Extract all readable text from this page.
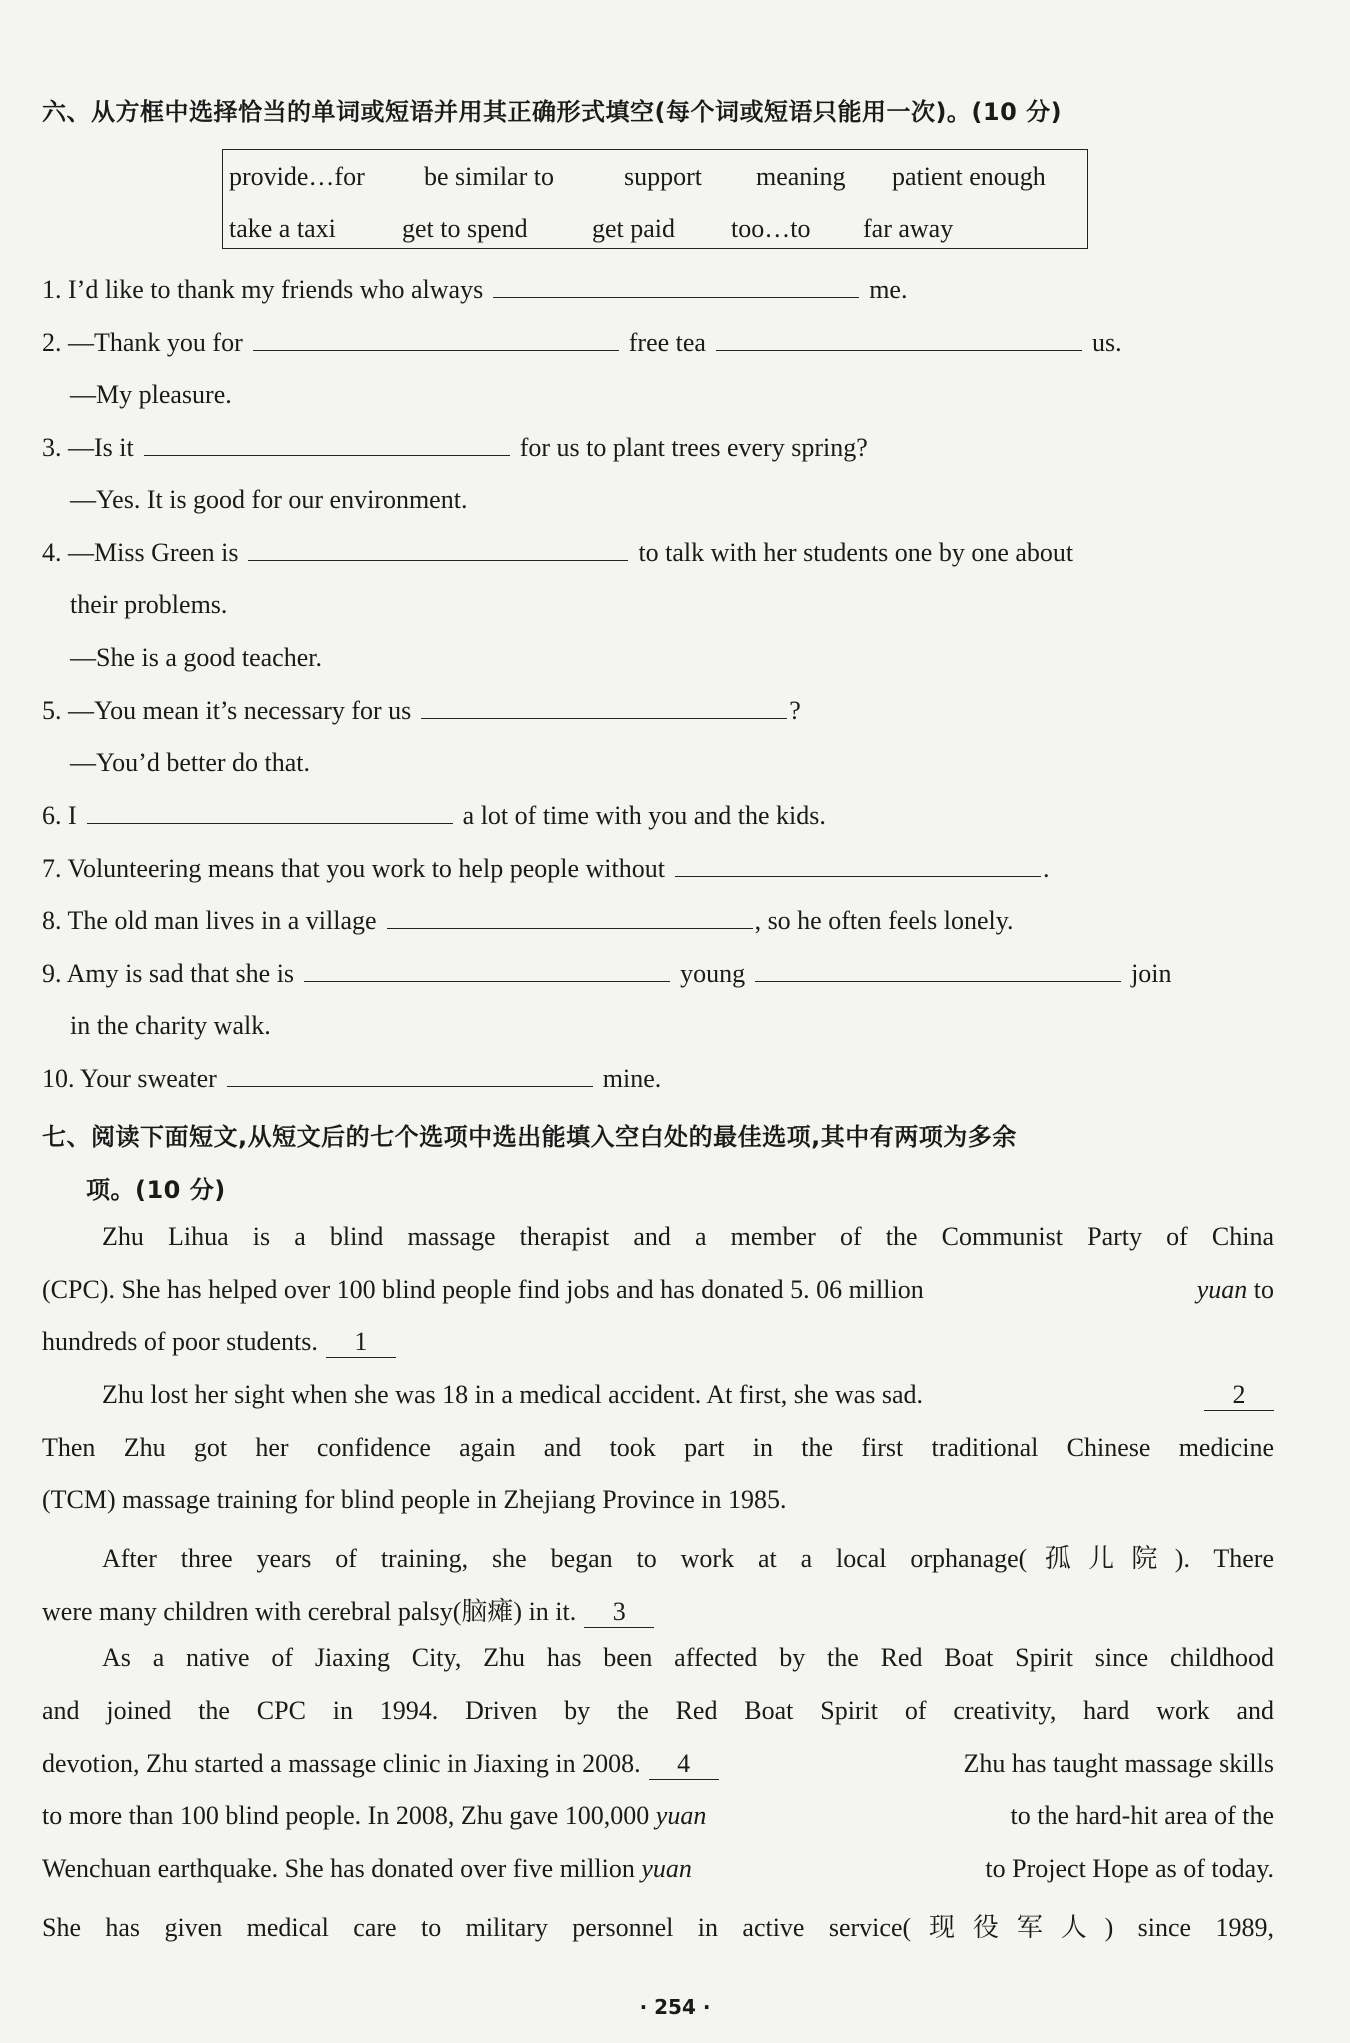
六、从方框中选择恰当的单词或短语并用其正确形式填空(每个词或短语只能用一次)。(10 分)
provide…for be similar to	support meaning patient enough
take a taxi	get to spend get paid too…to far away
1. I’d like to thank my friends who always	me.
2. —Thank you for	free tea	us.
—My pleasure.
3. —Is it	for us to plant trees every spring?
—Yes. It is good for our environment.
4. —Miss Green is	to talk with her students one by one about
their problems.
—She is a good teacher.
5. —You mean it’s necessary for us	?
—You’d better do that.
6. I	a lot of time with you and the kids.
7. Volunteering means that you work to help people without	.
8. The old man lives in a village	, so he often feels lonely.
9. Amy is sad that she is	young	join
in the charity walk.
10. Your sweater	mine.
七、阅读下面短文,从短文后的七个选项中选出能填入空白处的最佳选项,其中有两项为多余
项。(10 分)
Zhu Lihua is a blind massage therapist and a member of the Communist Party of China
(CPC). She has helped over 100 blind people find jobs and has donated 5. 06 million	yuan to
hundreds of poor students. 1
Zhu lost her sight when she was 18 in a medical accident. At first, she was sad.	2
Then Zhu got her confidence again and took part in the first traditional Chinese medicine
(TCM) massage training for blind people in Zhejiang Province in 1985.
After three years of training, she began to work at a local orphanage(孤儿院). There
were many children with cerebral palsy(脑瘫) in it. 3
As a native of Jiaxing City, Zhu has been affected by the Red Boat Spirit since childhood
and joined the CPC in 1994. Driven by the Red Boat Spirit of creativity, hard work and
devotion, Zhu started a massage clinic in Jiaxing in 2008. 4	Zhu has taught massage skills
to more than 100 blind people. In 2008, Zhu gave 100,000 yuan	to the hard-hit area of the
Wenchuan earthquake. She has donated over five million yuan	to Project Hope as of today.
She has given medical care to military personnel in active service(现役军人) since 1989,
· 254 ·
